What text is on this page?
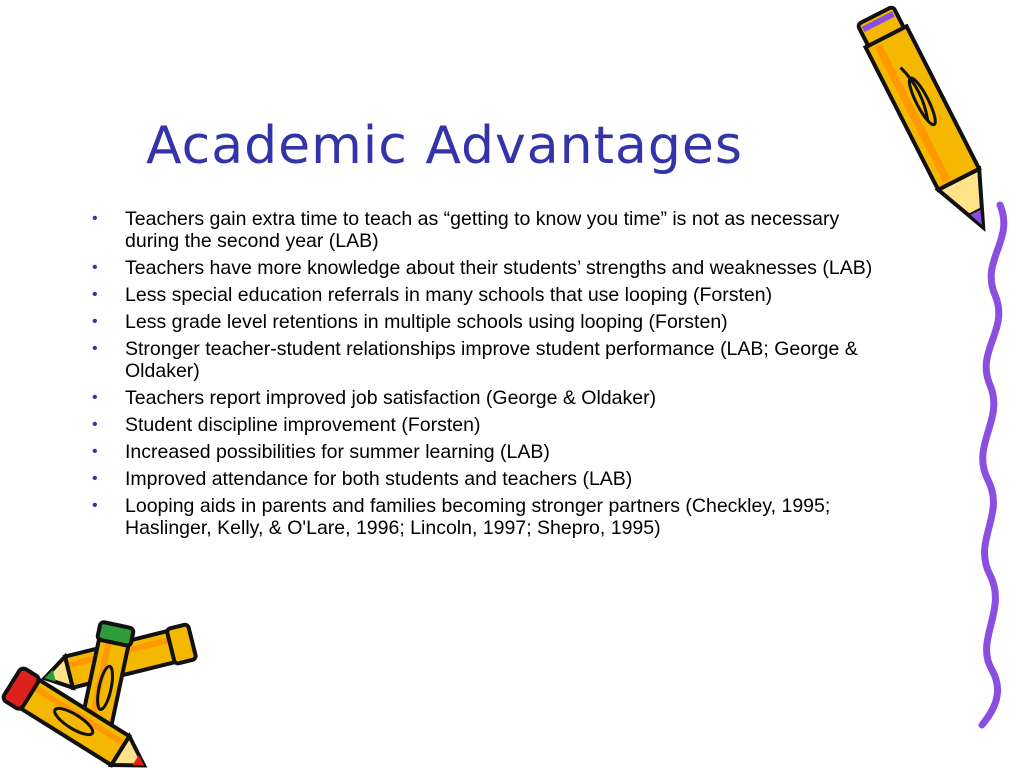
Academic Advantages
•	Teachers gain extra time to teach as “getting to know you time” is not as necessary during the second year (LAB)
•	Teachers have more knowledge about their students’ strengths and weaknesses (LAB)
•	Less special education referrals in many schools that use looping (Forsten)
•	Less grade level retentions in multiple schools using looping (Forsten)
•	Stronger teacher-student relationships improve student performance (LAB; George & Oldaker)
•	Teachers report improved job satisfaction (George & Oldaker)
•	Student discipline improvement (Forsten)
•	Increased possibilities for summer learning (LAB)
•	Improved attendance for both students and teachers (LAB)
•	Looping aids in parents and families becoming stronger partners (Checkley, 1995; Haslinger, Kelly, & O'Lare, 1996; Lincoln, 1997; Shepro, 1995)
